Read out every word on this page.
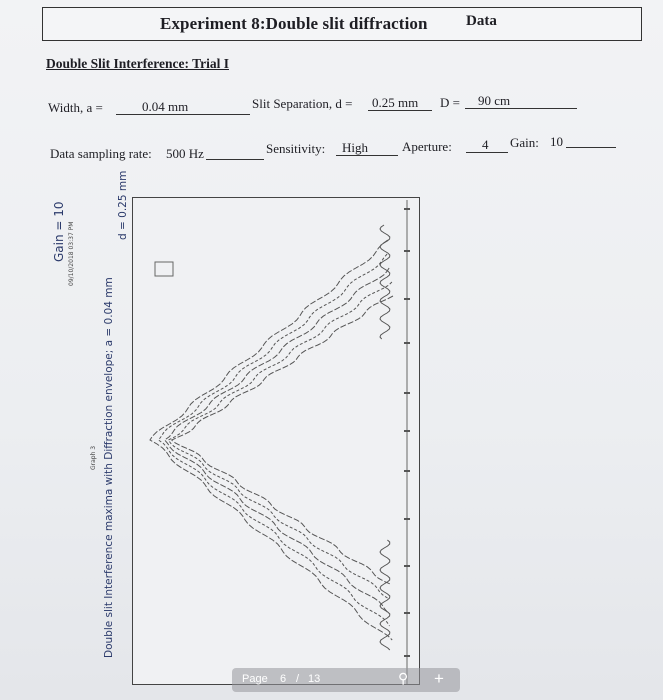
Experiment 8:Double slit diffraction	Data
Double Slit Interference: Trial I
Width, a =	0.04 mm	Slit Separation, d = 0.25 mm D = 90 cm
Data sampling rate: 500 Hz	Sensitivity: High	Aperture: 4 Gain: 10
Gain = 10 09/10/2018 03:37 PM
Graph 3 Double slit Interference maxima with Diffraction envelope; a = 0.04 mm
d = 0.25 mm
Page 6 / 13	⚲ +
